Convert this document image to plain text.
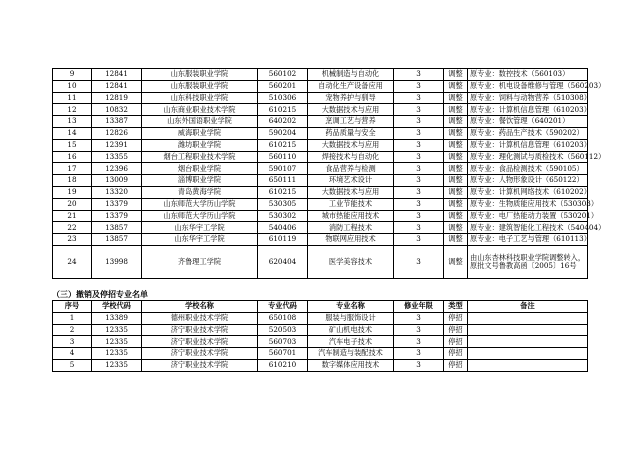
9	12841	山东服装职业学院	560102	机械制造与自动化	3	调整	原专业：数控技术（560103）
10	12841	山东服装职业学院	560201	自动化生产设备应用	3	调整	原专业：机电设备维修与管理（560203）
11	12819	山东科技职业学院	510306	宠物养护与驯导	3	调整	原专业：饲料与动物营养（510308）
12	10832	山东商业职业技术学院	610215	大数据技术与应用	3	调整	原专业：计算机信息管理（610203）
13	13387	山东外国语职业学院	640202	烹调工艺与营养	3	调整	原专业：餐饮管理（640201）
14	12826	威海职业学院	590204	药品质量与安全	3	调整	原专业：药品生产技术（590202）
15	12391	潍坊职业学院	610215	大数据技术与应用	3	调整	原专业：计算机信息管理（610203）
16	13355	烟台工程职业技术学院	560110	焊接技术与自动化	3	调整	原专业：理化测试与质检技术（560112）
17	12396	烟台职业学院	590107	食品营养与检测	3	调整	原专业：食品检测技术（590105）
18	13009	淄博职业学院	650111	环境艺术设计	3	调整	原专业：人物形象设计（650122）
19	13320	青岛黄海学院	610215	大数据技术与应用	3	调整	原专业：计算机网络技术（610202）
20	13379	山东师范大学历山学院	530305	工业节能技术	3	调整	原专业：生物质能应用技术（530303）
21	13379	山东师范大学历山学院	530302	城市热能应用技术	3	调整	原专业：电厂热能动力装置（530201）
22	13857	山东华宇工学院	540406	消防工程技术	3	调整	原专业：建筑智能化工程技术（540404）
23	13857	山东华宇工学院	610119	物联网应用技术	3	调整	原专业：电子工艺与管理（610113）
24	13998	齐鲁理工学院	620404	医学美容技术	3	调整	由山东杏林科技职业学院调整转入，原批文号鲁教高函〔2005〕16号
（三）撤销及停招专业名单
序号	学校代码	学校名称	专业代码	专业名称	修业年限	类型	备注
1	13389	德州职业技术学院	650108	服装与服饰设计	3	停招	
2	12335	济宁职业技术学院	520503	矿山机电技术	3	停招	
3	12335	济宁职业技术学院	560703	汽车电子技术	3	停招	
4	12335	济宁职业技术学院	560701	汽车制造与装配技术	3	停招	
5	12335	济宁职业技术学院	610210	数字媒体应用技术	3	停招	
